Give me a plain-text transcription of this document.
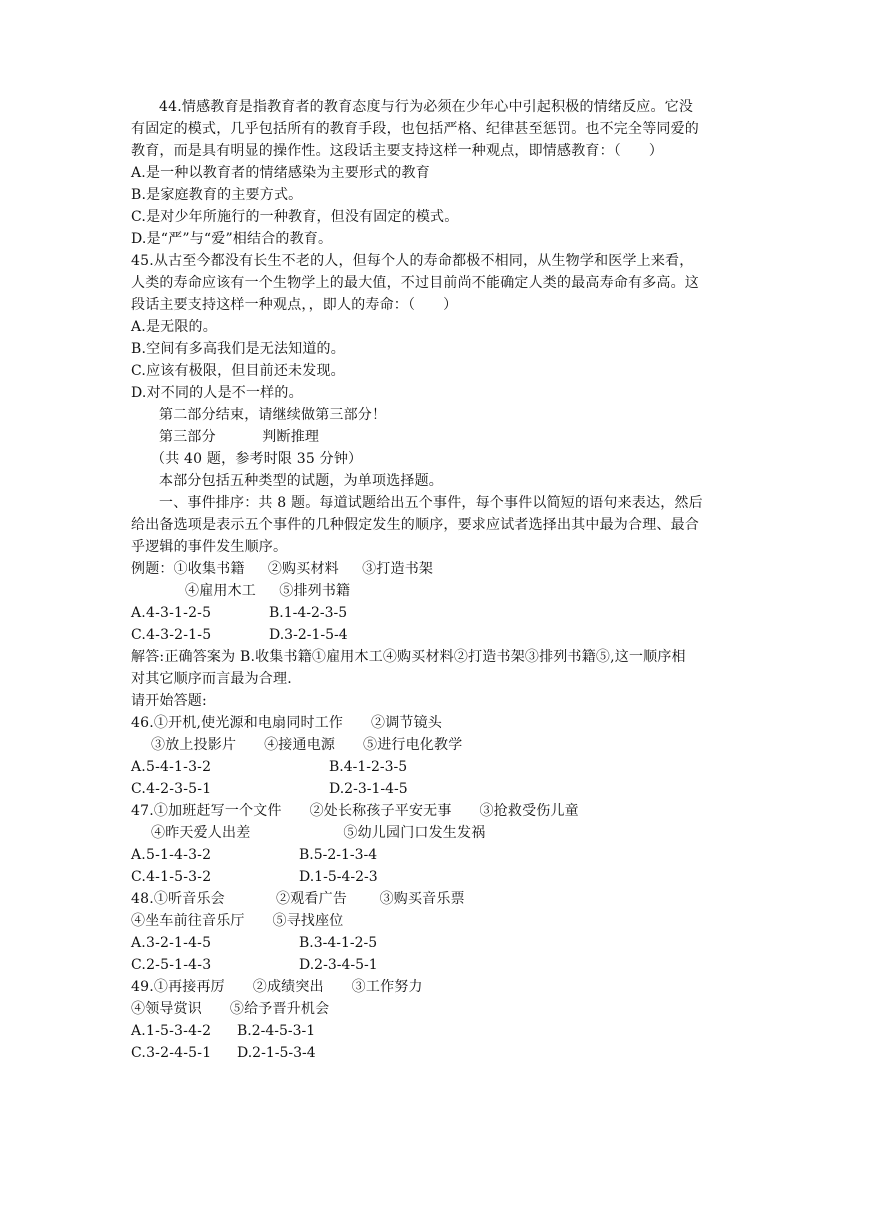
44.情感教育是指教育者的教育态度与行为必须在少年心中引起积极的情绪反应。它没
有固定的模式，几乎包括所有的教育手段，也包括严格、纪律甚至惩罚。也不完全等同爱的
教育，而是具有明显的操作性。这段话主要支持这样一种观点，即情感教育：（      ）
A.是一种以教育者的情绪感染为主要形式的教育
B.是家庭教育的主要方式。
C.是对少年所施行的一种教育，但没有固定的模式。
D.是“严”与“爱”相结合的教育。
45.从古至今都没有长生不老的人，但每个人的寿命都极不相同，从生物学和医学上来看，
人类的寿命应该有一个生物学上的最大值，不过目前尚不能确定人类的最高寿命有多高。这
段话主要支持这样一种观点，，即人的寿命：（      ）
A.是无限的。
B.空间有多高我们是无法知道的。
C.应该有极限，但目前还未发现。
D.对不同的人是不一样的。
第二部分结束，请继续做第三部分！
第三部分          判断推理
（共 40 题，参考时限 35 分钟）
本部分包括五种类型的试题，为单项选择题。
一、事件排序：共 8 题。每道试题给出五个事件，每个事件以简短的语句来表达，然后
给出备选项是表示五个事件的几种假定发生的顺序，要求应试者选择出其中最为合理、最合
乎逻辑的事件发生顺序。
例题：①收集书籍     ②购买材料     ③打造书架
④雇用木工     ⑤排列书籍
A.4-3-1-2-5	B.1-4-2-3-5
C.4-3-2-1-5	D.3-2-1-5-4
解答:正确答案为 B.收集书籍①雇用木工④购买材料②打造书架③排列书籍⑤,这一顺序相
对其它顺序而言最为合理.
请开始答题:
46.①开机,使光源和电扇同时工作      ②调节镜头
③放上投影片      ④接通电源      ⑤进行电化教学
A.5-4-1-3-2	B.4-1-2-3-5
C.4-2-3-5-1	D.2-3-1-4-5
47.①加班赶写一个文件      ②处长称孩子平安无事      ③抢救受伤儿童
④昨天爱人出差                    ⑤幼儿园门口发生发祸
A.5-1-4-3-2	B.5-2-1-3-4
C.4-1-5-3-2	D.1-5-4-2-3
48.①听音乐会           ②观看广告       ③购买音乐票
④坐车前往音乐厅      ⑤寻找座位
A.3-2-1-4-5	B.3-4-1-2-5
C.2-5-1-4-3	D.2-3-4-5-1
49.①再接再厉      ②成绩突出      ③工作努力
④领导赏识      ⑤给予晋升机会
A.1-5-3-4-2 B.2-4-5-3-1
C.3-2-4-5-1 D.2-1-5-3-4
